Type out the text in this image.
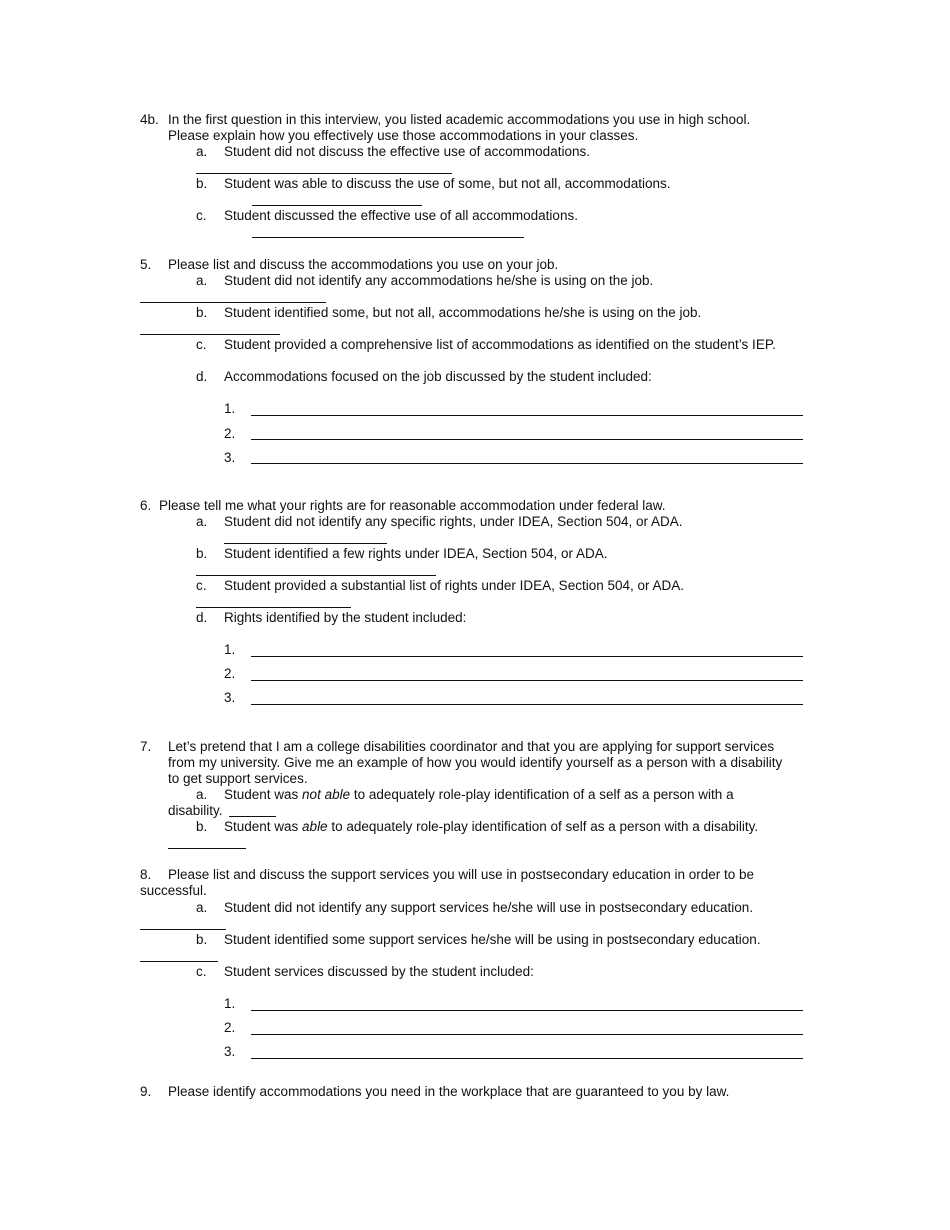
4b. In the first question in this interview, you listed academic accommodations you use in high school.
Please explain how you effectively use those accommodations in your classes.
a. Student did not discuss the effective use of accommodations.
b. Student was able to discuss the use of some, but not all, accommodations.
c. Student discussed the effective use of all accommodations.
5. Please list and discuss the accommodations you use on your job.
a. Student did not identify any accommodations he/she is using on the job.
b. Student identified some, but not all, accommodations he/she is using on the job.
c. Student provided a comprehensive list of accommodations as identified on the student’s IEP.
d. Accommodations focused on the job discussed by the student included:
1.
2.
3.
6. Please tell me what your rights are for reasonable accommodation under federal law.
a. Student did not identify any specific rights, under IDEA, Section 504, or ADA.
b. Student identified a few rights under IDEA, Section 504, or ADA.
c. Student provided a substantial list of rights under IDEA, Section 504, or ADA.
d. Rights identified by the student included:
1.
2.
3.
7. Let’s pretend that I am a college disabilities coordinator and that you are applying for support services
from my university. Give me an example of how you would identify yourself as a person with a disability
to get support services.
a. Student was not able to adequately role-play identification of a self as a person with a
disability.
b. Student was able to adequately role-play identification of self as a person with a disability.
8. Please list and discuss the support services you will use in postsecondary education in order to be
successful.
a. Student did not identify any support services he/she will use in postsecondary education.
b. Student identified some support services he/she will be using in postsecondary education.
c. Student services discussed by the student included:
1.
2.
3.
9. Please identify accommodations you need in the workplace that are guaranteed to you by law.
